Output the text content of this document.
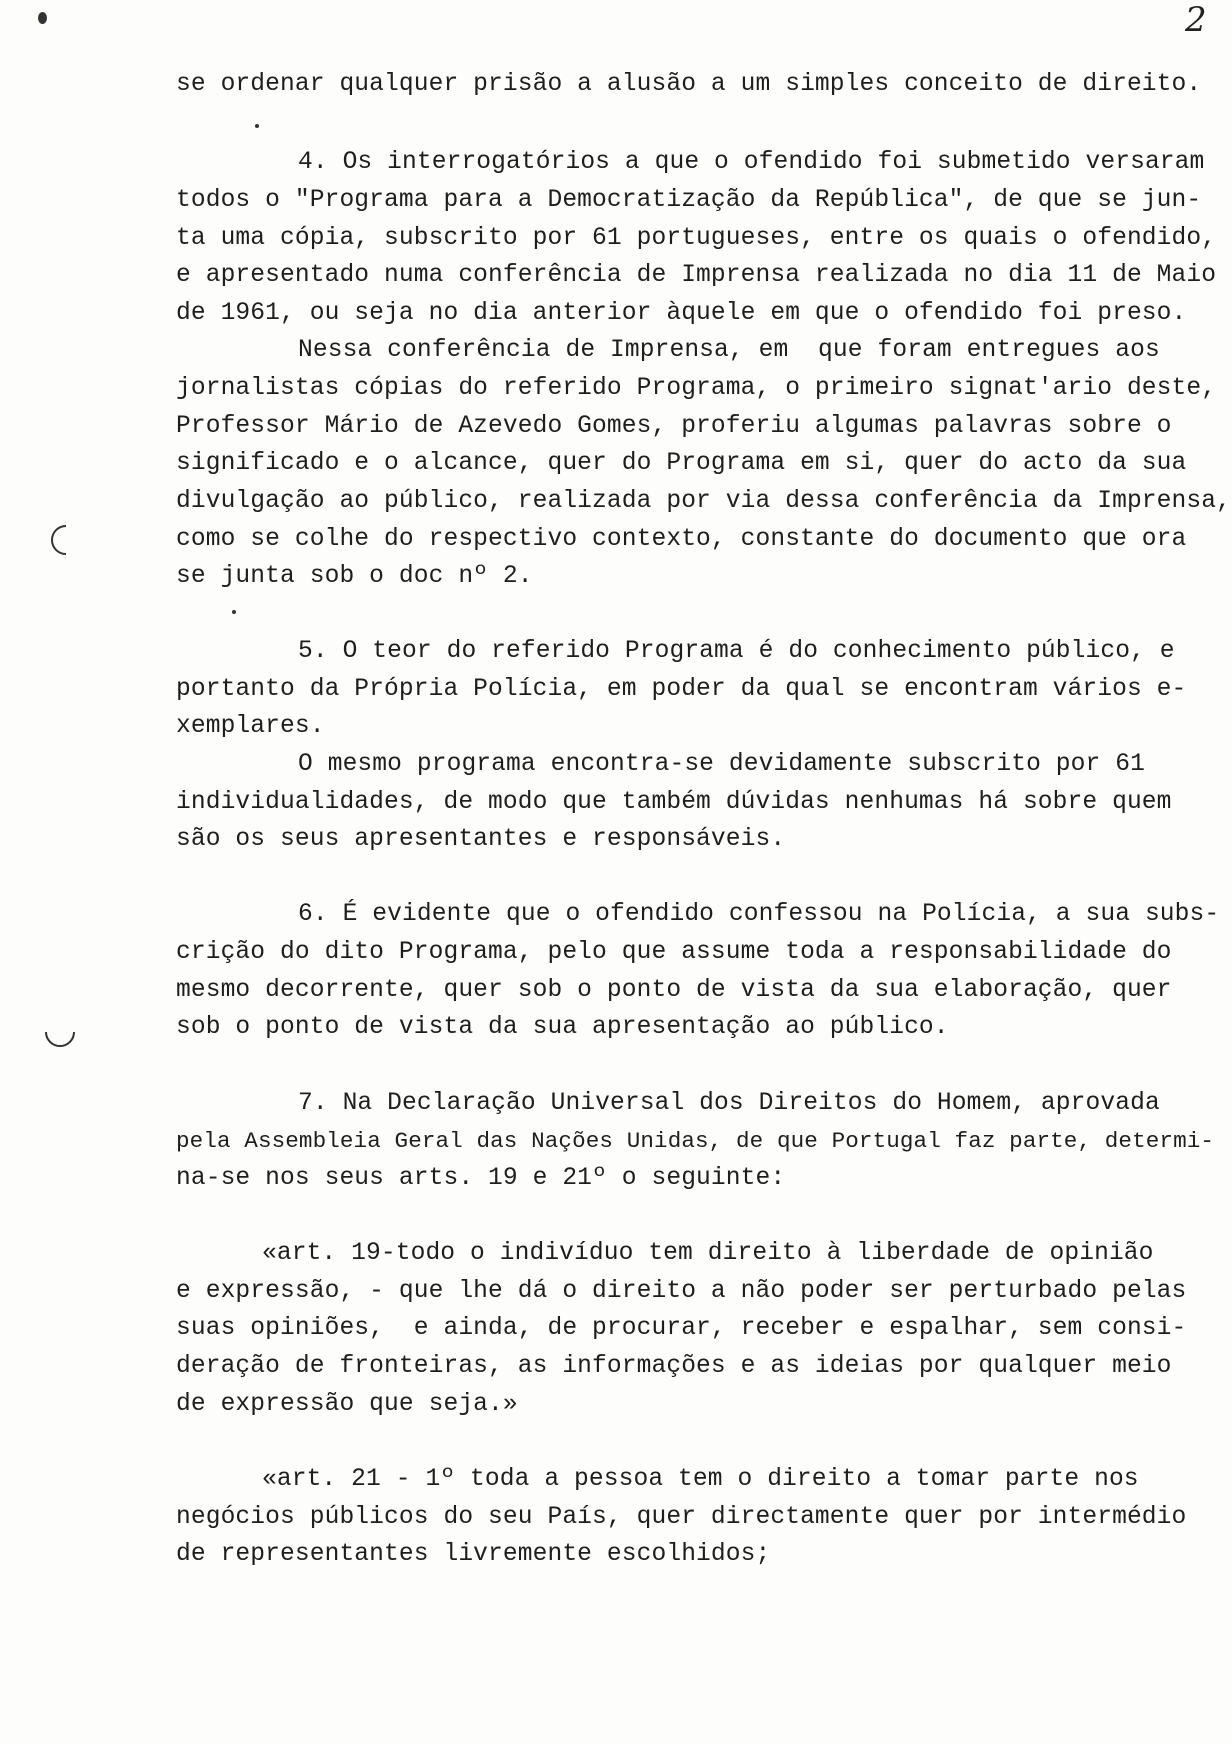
2
se ordenar qualquer prisão a alusão a um simples conceito de direito.
4. Os interrogatórios a que o ofendido foi submetido versaram
todos o "Programa para a Democratização da República", de que se jun-
ta uma cópia, subscrito por 61 portugueses, entre os quais o ofendido,
e apresentado numa conferência de Imprensa realizada no dia 11 de Maio
de 1961, ou seja no dia anterior àquele em que o ofendido foi preso.
Nessa conferência de Imprensa, em  que foram entregues aos
jornalistas cópias do referido Programa, o primeiro signat'ario deste,
Professor Mário de Azevedo Gomes, proferiu algumas palavras sobre o
significado e o alcance, quer do Programa em si, quer do acto da sua
divulgação ao público, realizada por via dessa conferência da Imprensa,
como se colhe do respectivo contexto, constante do documento que ora
se junta sob o doc nº 2.
5. O teor do referido Programa é do conhecimento público, e
portanto da Própria Polícia, em poder da qual se encontram vários e-
xemplares.
O mesmo programa encontra-se devidamente subscrito por 61
individualidades, de modo que também dúvidas nenhumas há sobre quem
são os seus apresentantes e responsáveis.
6. É evidente que o ofendido confessou na Polícia, a sua subs-
crição do dito Programa, pelo que assume toda a responsabilidade do
mesmo decorrente, quer sob o ponto de vista da sua elaboração, quer
sob o ponto de vista da sua apresentação ao público.
7. Na Declaração Universal dos Direitos do Homem, aprovada
pela Assembleia Geral das Nações Unidas, de que Portugal faz parte, determi-
na-se nos seus arts. 19 e 21º o seguinte:
«art. 19-todo o indivíduo tem direito à liberdade de opinião
e expressão, - que lhe dá o direito a não poder ser perturbado pelas
suas opiniões,  e ainda, de procurar, receber e espalhar, sem consi-
deração de fronteiras, as informações e as ideias por qualquer meio
de expressão que seja.»
«art. 21 - 1º toda a pessoa tem o direito a tomar parte nos
negócios públicos do seu País, quer directamente quer por intermédio
de representantes livremente escolhidos;
